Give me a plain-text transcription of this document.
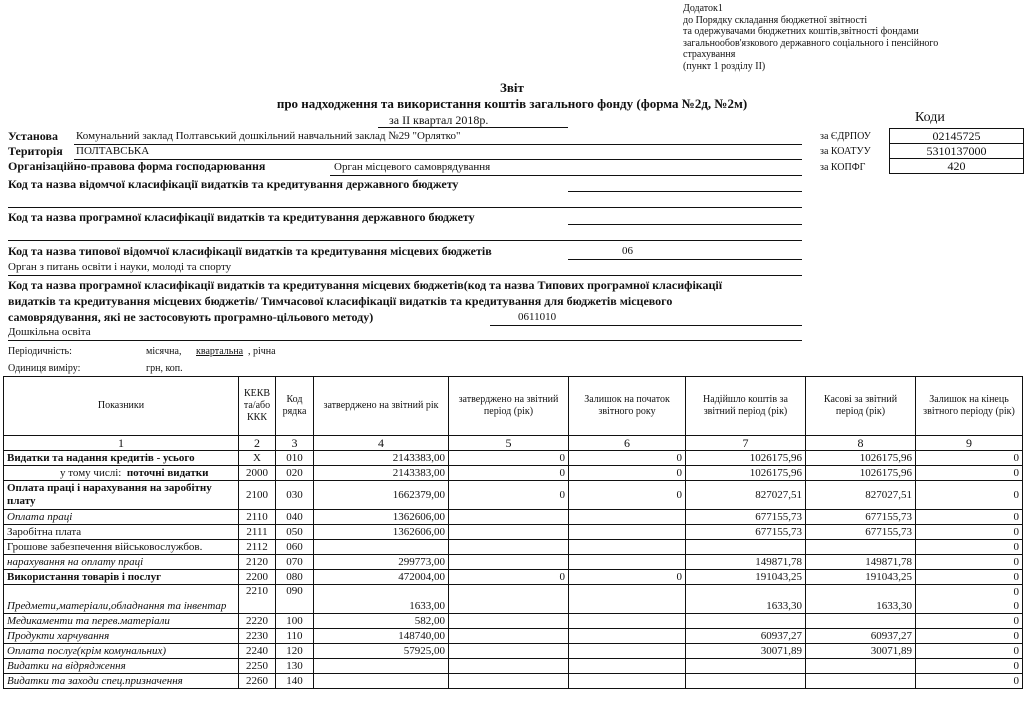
Додаток1
до Порядку складання бюджетної звітності
та одержувачами бюджетних коштів,звітності фондами
загальнообов'язкового державного соціального і пенсійного
страхування
(пункт 1 розділу ІІ)
Звіт
про надходження та використання коштів загального фонду (форма №2д, №2м)
за II квартал 2018р.	Коди
Установа Комунальний заклад Полтавський дошкільний навчальний заклад №29 "Орлятко"	за ЄДРПОУ	02145725
Територія ПОЛТАВСЬКА	за КОАТУУ	5310137000
Організаційно-правова форма господарювання	Орган місцевого самоврядування	за КОПФГ	420
Код та назва відомчої класифікації видатків та кредитування державного бюджету
Код та назва програмної класифікації видатків та кредитування державного бюджету
Код та назва типової відомчої класифікації видатків та кредитування місцевих бюджетів	06
Орган з питань освіти і науки, молоді та спорту
Код та назва програмної класифікації видатків та кредитування місцевих бюджетів(код та назва Типових програмної класифікації
видатків та кредитування місцевих бюджетів/ Тимчасової класифікації видатків та кредитування для бюджетів місцевого
самоврядування, які не застосовують програмно-цільового методу)	0611010
Дошкільна освіта
Періодичність:	місячна, квартальна , річна
Одиниця виміру:	грн, коп.
Показники	КЕКВ та/або ККК	Код рядка	затверджено на звітний рік	затверджено на звітний період (рік)	Залишок на початок звітного року	Надійшло коштів за звітний період (рік)	Касові за звітний період (рік)	Залишок на кінець звітного періоду (рік)
1	2	3	4	5	6	7	8	9
Видатки та надання кредитів - усього	X	010	2143383,00	0	0	1026175,96	1026175,96	0
у тому числі: поточні видатки	2000	020	2143383,00	0	0	1026175,96	1026175,96	0
Оплата праці і нарахування на заробітну плату	2100	030	1662379,00	0	0	827027,51	827027,51	0
Оплата праці	2110	040	1362606,00			677155,73	677155,73	0
Заробітна плата	2111	050	1362606,00			677155,73	677155,73	0
Грошове забезпечення військовослужбов.	2112	060						0
нарахування на оплату праці	2120	070	299773,00			149871,78	149871,78	0
Використання товарів і послуг	2200	080	472004,00	0	0	191043,25	191043,25	0
Предмети,матеріали,обладнання та інвентар	2210	090	1633,00			1633,30	1633,30	0
0

Медикаменти та перев.матеріали	2220	100	582,00					0
Продукти харчування	2230	110	148740,00			60937,27	60937,27	0
Оплата послуг(крім комунальних)	2240	120	57925,00			30071,89	30071,89	0
Видатки на відрядження	2250	130						0
Видатки та заходи спец.призначення	2260	140						0
